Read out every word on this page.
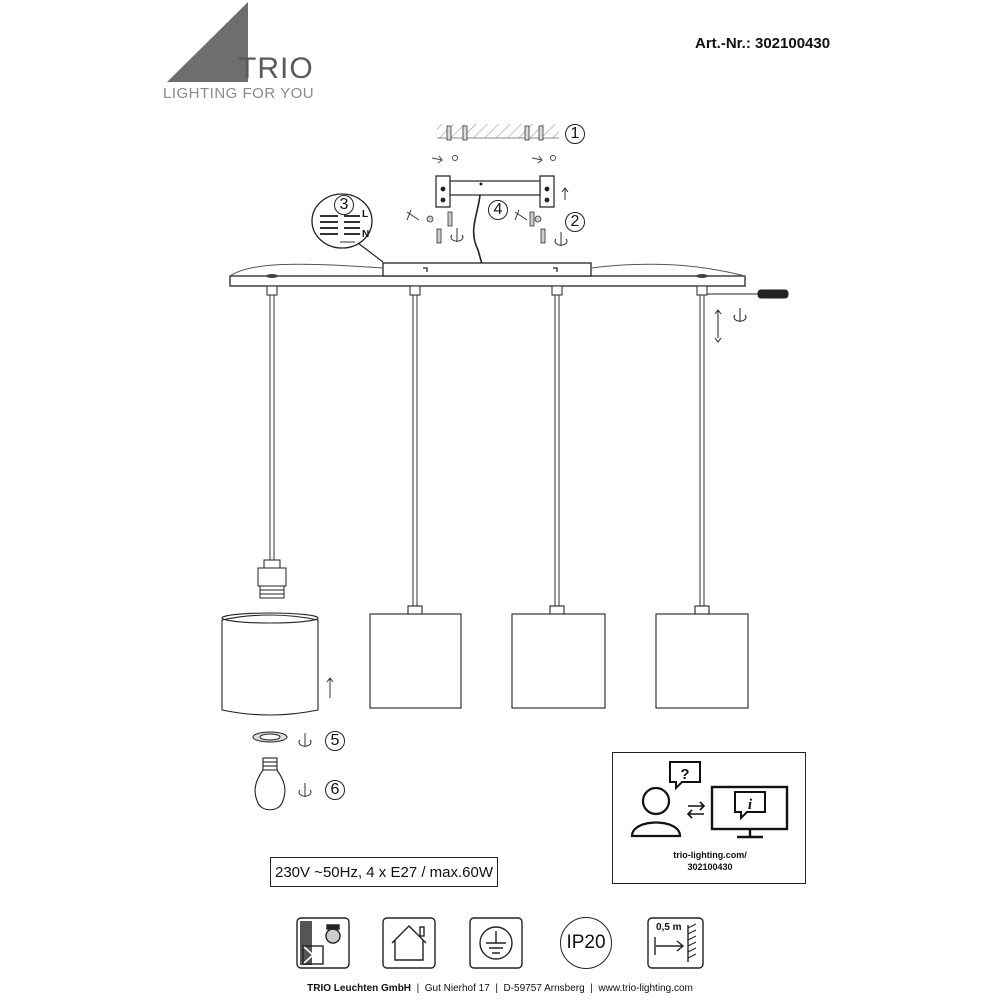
TRIO
LIGHTING FOR YOU
Art.-Nr.: 302100430
?
i
1
2
3	4
5
6
L
N
230V ~50Hz, 4 x E27 / max.60W
trio-lighting.com/
302100430
IP20
0,5 m
TRIO Leuchten GmbH  |  Gut Nierhof 17  |  D-59757 Arnsberg  |  www.trio-lighting.com
